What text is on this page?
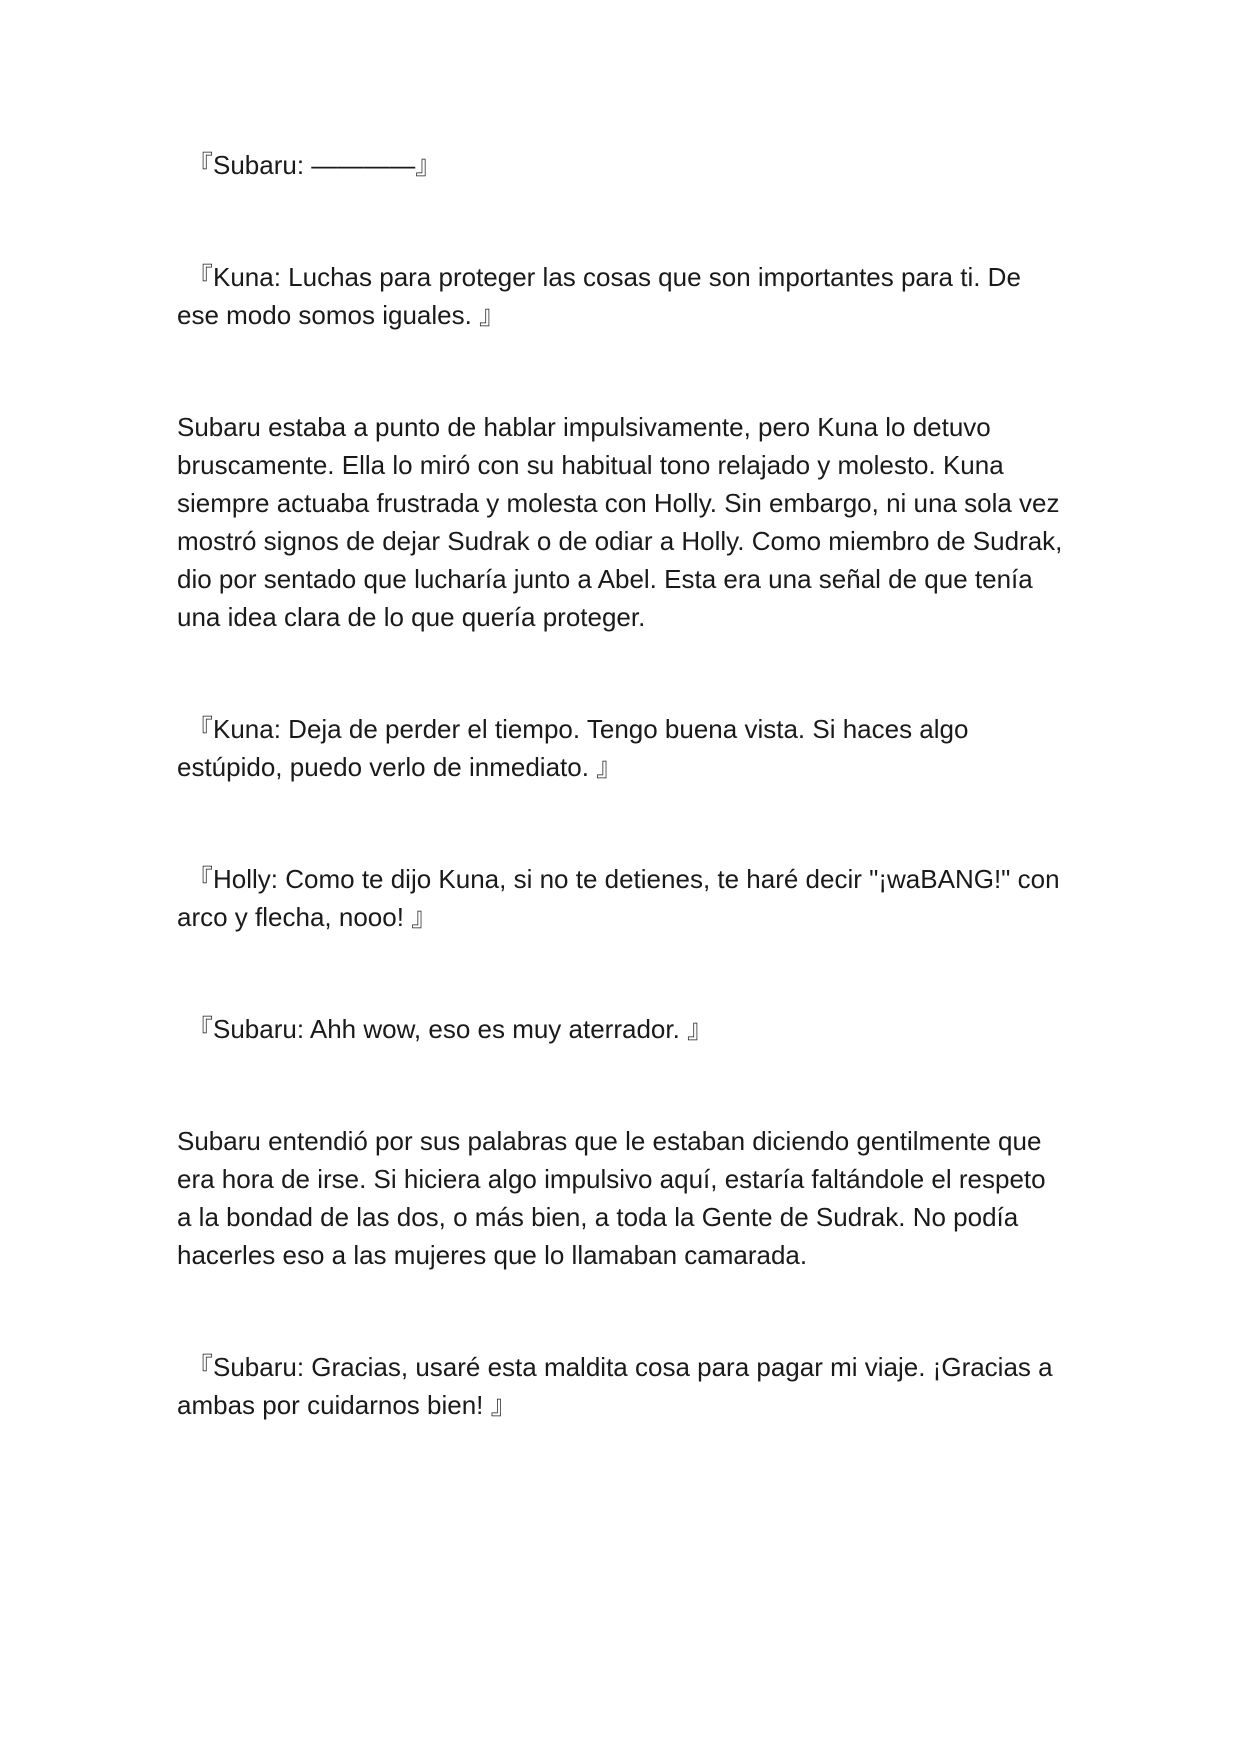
『Subaru: ————』

『Kuna: Luchas para proteger las cosas que son importantes para ti. De ese modo somos iguales. 』

Subaru estaba a punto de hablar impulsivamente, pero Kuna lo detuvo bruscamente. Ella lo miró con su habitual tono relajado y molesto. Kuna siempre actuaba frustrada y molesta con Holly. Sin embargo, ni una sola vez mostró signos de dejar Sudrak o de odiar a Holly. Como miembro de Sudrak, dio por sentado que lucharía junto a Abel. Esta era una señal de que tenía una idea clara de lo que quería proteger.

『Kuna: Deja de perder el tiempo. Tengo buena vista. Si haces algo estúpido, puedo verlo de inmediato. 』

『Holly: Como te dijo Kuna, si no te detienes, te haré decir "¡waBANG!" con arco y flecha, nooo! 』

『Subaru: Ahh wow, eso es muy aterrador. 』

Subaru entendió por sus palabras que le estaban diciendo gentilmente que era hora de irse. Si hiciera algo impulsivo aquí, estaría faltándole el respeto a la bondad de las dos, o más bien, a toda la Gente de Sudrak. No podía hacerles eso a las mujeres que lo llamaban camarada.

『Subaru: Gracias, usaré esta maldita cosa para pagar mi viaje. ¡Gracias a ambas por cuidarnos bien! 』
